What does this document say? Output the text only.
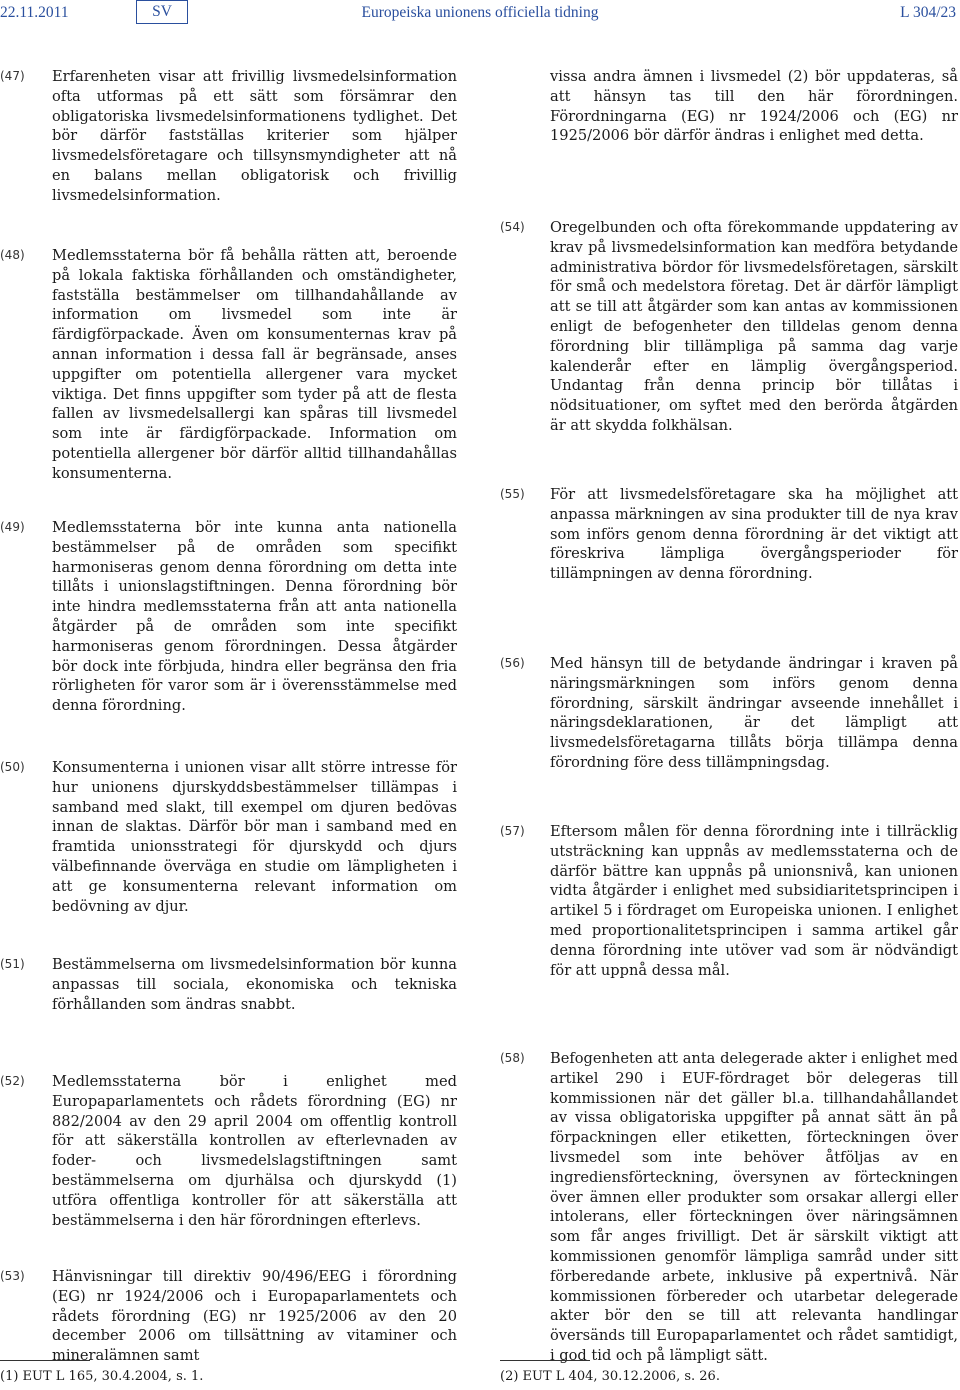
22.11.2011	SV	Europeiska unionens officiella tidning	L 304/23
(47)	Erfarenheten visar att frivillig livsmedelsinformation ofta utformas på ett sätt som försämrar den obligatoriska livsmedelsinformationens tydlighet. Det bör därför fastställas kriterier som hjälper livsmedelsföretagare och tillsynsmyndigheter att nå en balans mellan obligatorisk och frivillig livsmedelsinformation.
(48)	Medlemsstaterna bör få behålla rätten att, beroende på lokala faktiska förhållanden och omständigheter, fastställa bestämmelser om tillhandahållande av information om livsmedel som inte är färdigförpackade. Även om konsumenternas krav på annan information i dessa fall är begränsade, anses uppgifter om potentiella allergener vara mycket viktiga. Det finns uppgifter som tyder på att de flesta fallen av livsmedelsallergi kan spåras till livsmedel som inte är färdigförpackade. Information om potentiella allergener bör därför alltid tillhandahållas konsumenterna.
(49)	Medlemsstaterna bör inte kunna anta nationella bestämmelser på de områden som specifikt harmoniseras genom denna förordning om detta inte tillåts i unionslagstiftningen. Denna förordning bör inte hindra medlemsstaterna från att anta nationella åtgärder på de områden som inte specifikt harmoniseras genom förordningen. Dessa åtgärder bör dock inte förbjuda, hindra eller begränsa den fria rörligheten för varor som är i överensstämmelse med denna förordning.
(50)	Konsumenterna i unionen visar allt större intresse för hur unionens djurskyddsbestämmelser tillämpas i samband med slakt, till exempel om djuren bedövas innan de slaktas. Därför bör man i samband med en framtida unionsstrategi för djurskydd och djurs välbefinnande överväga en studie om lämpligheten i att ge konsumenterna relevant information om bedövning av djur.
(51)	Bestämmelserna om livsmedelsinformation bör kunna anpassas till sociala, ekonomiska och tekniska förhållanden som ändras snabbt.
(52)	Medlemsstaterna bör i enlighet med Europaparlamentets och rådets förordning (EG) nr 882/2004 av den 29 april 2004 om offentlig kontroll för att säkerställa kontrollen av efterlevnaden av foder- och livsmedelslagstiftningen samt bestämmelserna om djurhälsa och djurskydd (1) utföra offentliga kontroller för att säkerställa att bestämmelserna i den här förordningen efterlevs.
(53)	Hänvisningar till direktiv 90/496/EEG i förordning (EG) nr 1924/2006 och i Europaparlamentets och rådets förordning (EG) nr 1925/2006 av den 20 december 2006 om tillsättning av vitaminer och mineralämnen samt
vissa andra ämnen i livsmedel (2) bör uppdateras, så att hänsyn tas till den här förordningen. Förordningarna (EG) nr 1924/2006 och (EG) nr 1925/2006 bör därför ändras i enlighet med detta.
(54)	Oregelbunden och ofta förekommande uppdatering av krav på livsmedelsinformation kan medföra betydande administrativa bördor för livsmedelsföretagen, särskilt för små och medelstora företag. Det är därför lämpligt att se till att åtgärder som kan antas av kommissionen enligt de befogenheter den tilldelas genom denna förordning blir tillämpliga på samma dag varje kalenderår efter en lämplig övergångsperiod. Undantag från denna princip bör tillåtas i nödsituationer, om syftet med den berörda åtgärden är att skydda folkhälsan.
(55)	För att livsmedelsföretagare ska ha möjlighet att anpassa märkningen av sina produkter till de nya krav som införs genom denna förordning är det viktigt att föreskriva lämpliga övergångsperioder för tillämpningen av denna förordning.
(56)	Med hänsyn till de betydande ändringar i kraven på näringsmärkningen som införs genom denna förordning, särskilt ändringar avseende innehållet i näringsdeklarationen, är det lämpligt att livsmedelsföretagarna tillåts börja tillämpa denna förordning före dess tillämpningsdag.
(57)	Eftersom målen för denna förordning inte i tillräcklig utsträckning kan uppnås av medlemsstaterna och de därför bättre kan uppnås på unionsnivå, kan unionen vidta åtgärder i enlighet med subsidiaritetsprincipen i artikel 5 i fördraget om Europeiska unionen. I enlighet med proportionalitetsprincipen i samma artikel går denna förordning inte utöver vad som är nödvändigt för att uppnå dessa mål.
(58)	Befogenheten att anta delegerade akter i enlighet med artikel 290 i EUF-fördraget bör delegeras till kommissionen när det gäller bl.a. tillhandahållandet av vissa obligatoriska uppgifter på annat sätt än på förpackningen eller etiketten, förteckningen över livsmedel som inte behöver åtföljas av en ingrediensförteckning, översynen av förteckningen över ämnen eller produkter som orsakar allergi eller intolerans, eller förteckningen över näringsämnen som får anges frivilligt. Det är särskilt viktigt att kommissionen genomför lämpliga samråd under sitt förberedande arbete, inklusive på expertnivå. När kommissionen förbereder och utarbetar delegerade akter bör den se till att relevanta handlingar översänds till Europaparlamentet och rådet samtidigt, i god tid och på lämpligt sätt.
(1) EUT L 165, 30.4.2004, s. 1.	(2) EUT L 404, 30.12.2006, s. 26.
